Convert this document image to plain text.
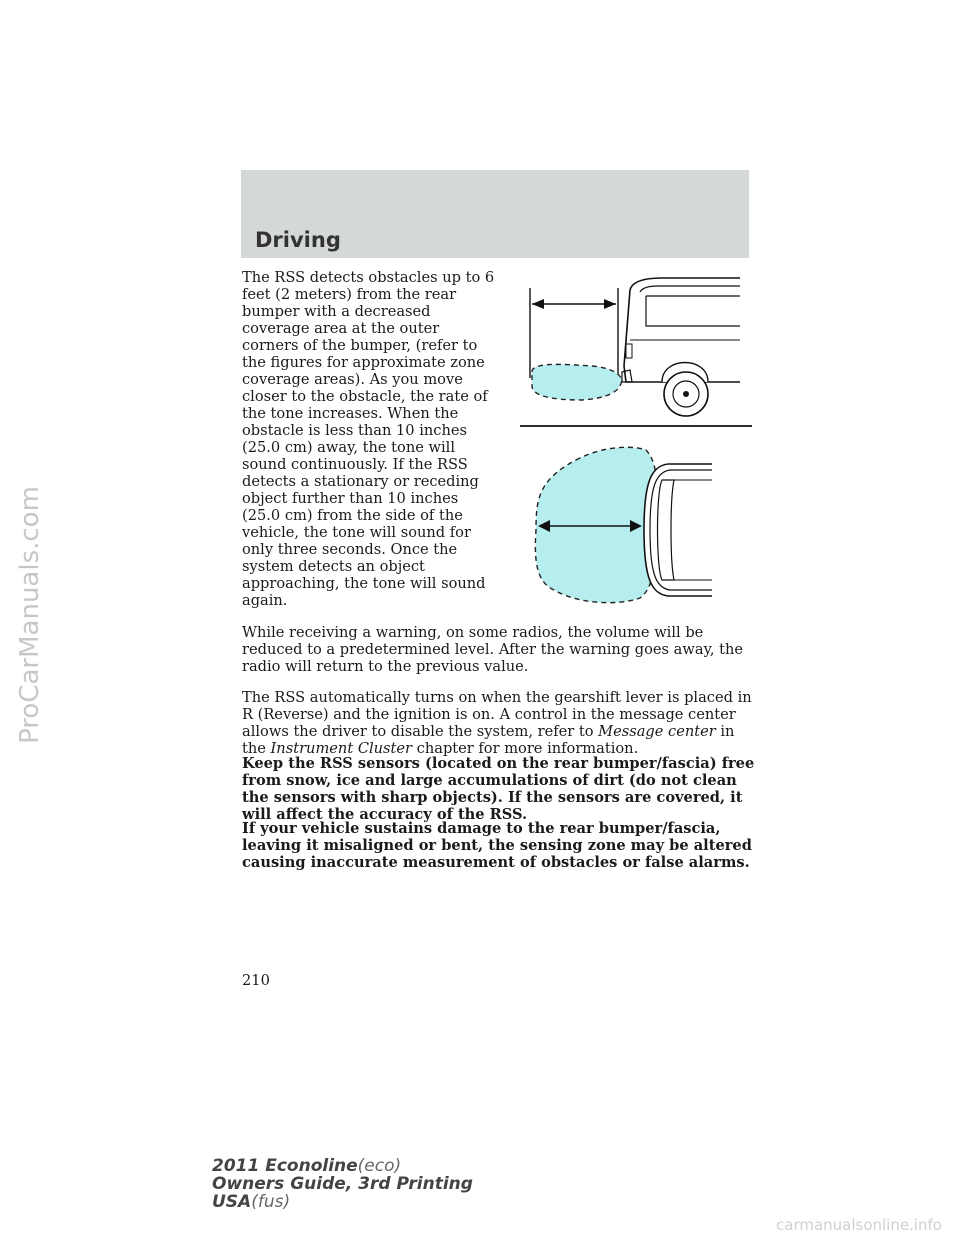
Driving

The RSS detects obstacles up to 6 feet (2 meters) from the rear bumper with a decreased coverage area at the outer corners of the bumper, (refer to the figures for approximate zone coverage areas). As you move closer to the obstacle, the rate of the tone increases. When the obstacle is less than 10 inches (25.0 cm) away, the tone will sound continuously. If the RSS detects a stationary or receding object further than 10 inches (25.0 cm) from the side of the vehicle, the tone will sound for only three seconds. Once the system detects an object approaching, the tone will sound again.

While receiving a warning, on some radios, the volume will be reduced to a predetermined level. After the warning goes away, the radio will return to the previous value.

The RSS automatically turns on when the gearshift lever is placed in R (Reverse) and the ignition is on. A control in the message center allows the driver to disable the system, refer to Message center in the Instrument Cluster chapter for more information.

Keep the RSS sensors (located on the rear bumper/fascia) free from snow, ice and large accumulations of dirt (do not clean the sensors with sharp objects). If the sensors are covered, it will affect the accuracy of the RSS.

If your vehicle sustains damage to the rear bumper/fascia, leaving it misaligned or bent, the sensing zone may be altered causing inaccurate measurement of obstacles or false alarms.

210
2011 Econoline(eco)
Owners Guide, 3rd Printing
USA(fus)
ProCarManuals.com
carmanualsonline.info
